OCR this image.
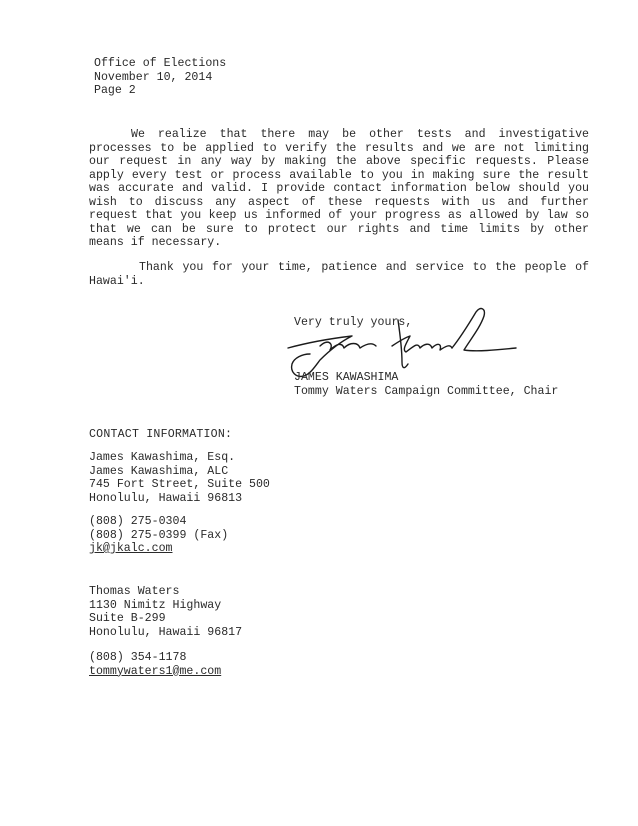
Office of Elections
November 10, 2014
Page 2
We realize that there may be other tests and investigative processes to be applied to verify the results and we are not limiting our request in any way by making the above specific requests. Please apply every test or process available to you in making sure the result was accurate and valid. I provide contact information below should you wish to discuss any aspect of these requests with us and further request that you keep us informed of your progress as allowed by law so that we can be sure to protect our rights and time limits by other means if necessary.
Thank you for your time, patience and service to the people of Hawai'i.
Very truly yours,
JAMES KAWASHIMA
Tommy Waters Campaign Committee, Chair
CONTACT INFORMATION:
James Kawashima, Esq.
James Kawashima, ALC
745 Fort Street, Suite 500
Honolulu, Hawaii 96813
(808) 275-0304
(808) 275-0399 (Fax)
jk@jkalc.com
Thomas Waters
1130 Nimitz Highway
Suite B-299
Honolulu, Hawaii 96817
(808) 354-1178
tommywaters1@me.com
